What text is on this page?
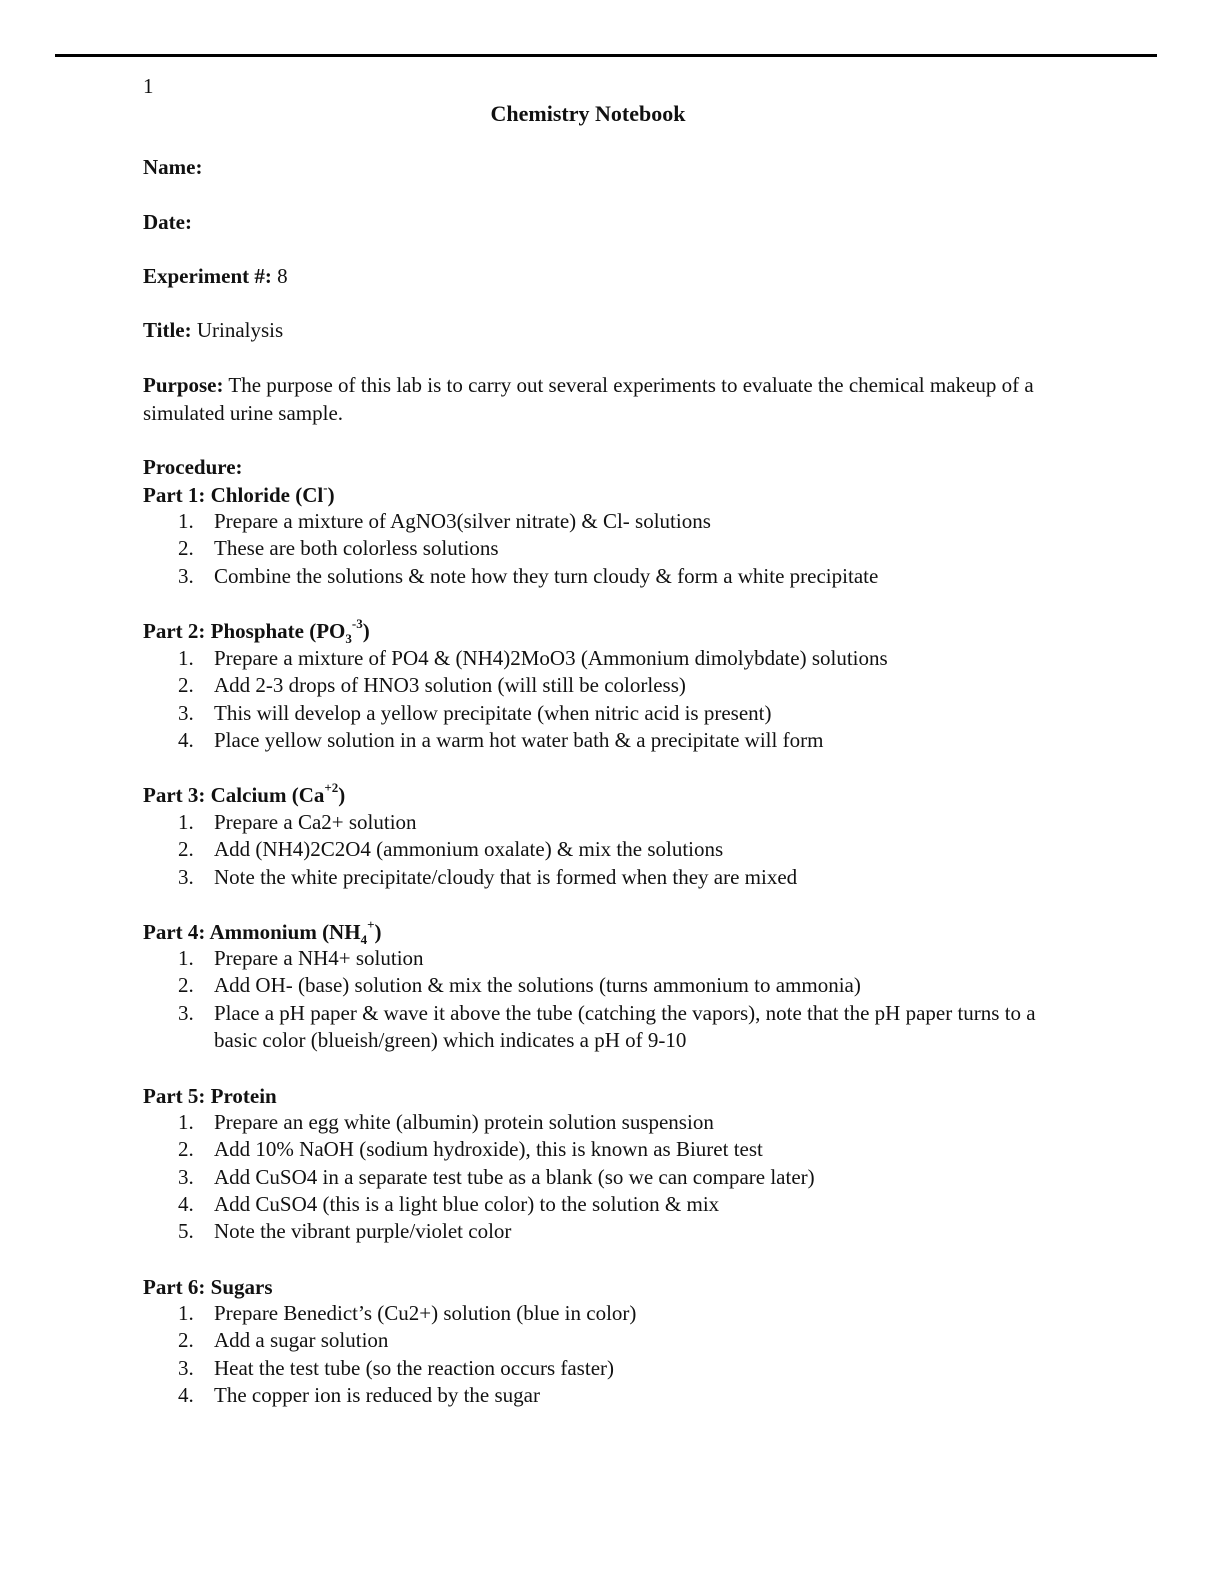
1
Chemistry Notebook
Name:
Date:
Experiment #: 8
Title: Urinalysis
Purpose: The purpose of this lab is to carry out several experiments to evaluate the chemical makeup of a simulated urine sample.
Procedure:
Part 1: Chloride (Cl-)
1. Prepare a mixture of AgNO3(silver nitrate) & Cl- solutions
2. These are both colorless solutions
3. Combine the solutions & note how they turn cloudy & form a white precipitate
Part 2: Phosphate $(PO_3^{-3})$
1. Prepare a mixture of PO4 & (NH4)2MoO3 (Ammonium dimolybdate) solutions
2. Add 2-3 drops of HNO3 solution (will still be colorless)
3. This will develop a yellow precipitate (when nitric acid is present)
4. Place yellow solution in a warm hot water bath & a precipitate will form
Part 3: Calcium $(Ca^{+2})$
1. Prepare a Ca2+ solution
2. Add (NH4)2C2O4 (ammonium oxalate) & mix the solutions
3. Note the white precipitate/cloudy that is formed when they are mixed
Part 4: Ammonium $(NH_4^+)$
1. Prepare a NH4+ solution
2. Add OH- (base) solution & mix the solutions (turns ammonium to ammonia)
3. Place a pH paper & wave it above the tube (catching the vapors), note that the pH paper turns to a basic color (blueish/green) which indicates a pH of 9-10
Part 5: Protein
1. Prepare an egg white (albumin) protein solution suspension
2. Add 10% NaOH (sodium hydroxide), this is known as Biuret test
3. Add CuSO4 in a separate test tube as a blank (so we can compare later)
4. Add CuSO4 (this is a light blue color) to the solution & mix
5. Note the vibrant purple/violet color
Part 6: Sugars
1. Prepare Benedict’s (Cu2+) solution (blue in color)
2. Add a sugar solution
3. Heat the test tube (so the reaction occurs faster)
4. The copper ion is reduced by the sugar
